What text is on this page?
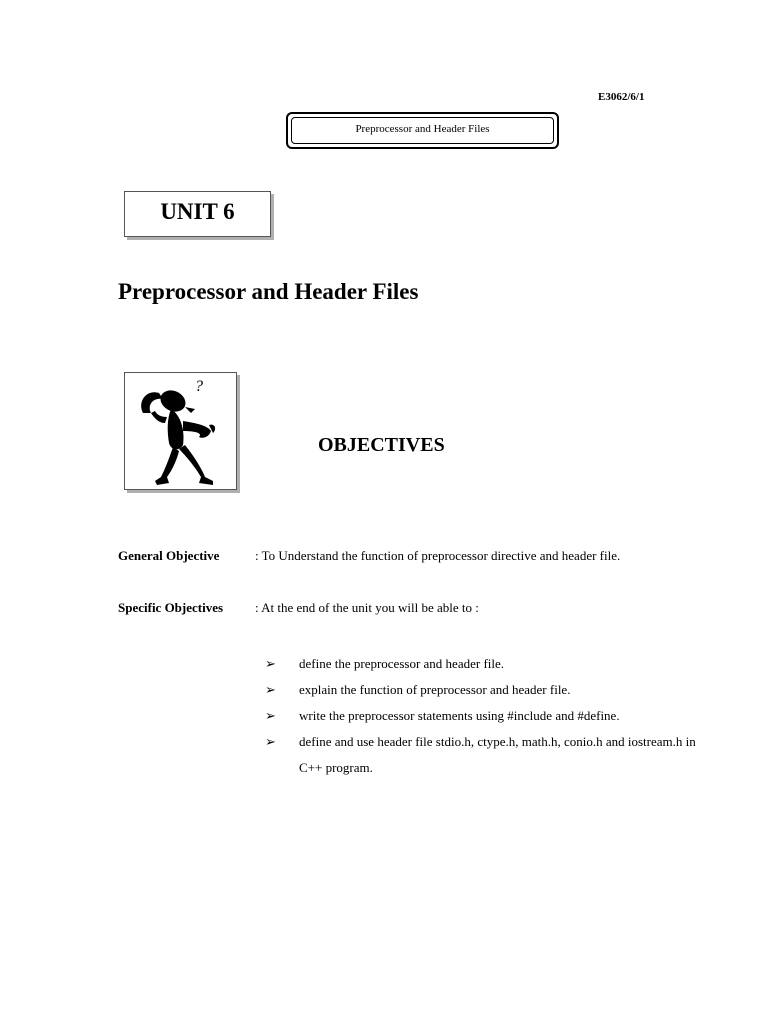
E3062/6/1
Preprocessor and Header Files
UNIT 6
Preprocessor and Header Files
?
OBJECTIVES
General Objective	: To Understand the function of preprocessor directive and header file.
Specific Objectives : At the end of the unit you will be able to :
➢ define the preprocessor and header file.
➢ explain the function of preprocessor and header file.
➢ write the preprocessor statements using #include and #define.
➢ define and use header file stdio.h, ctype.h, math.h, conio.h and iostream.h in C++ program.
